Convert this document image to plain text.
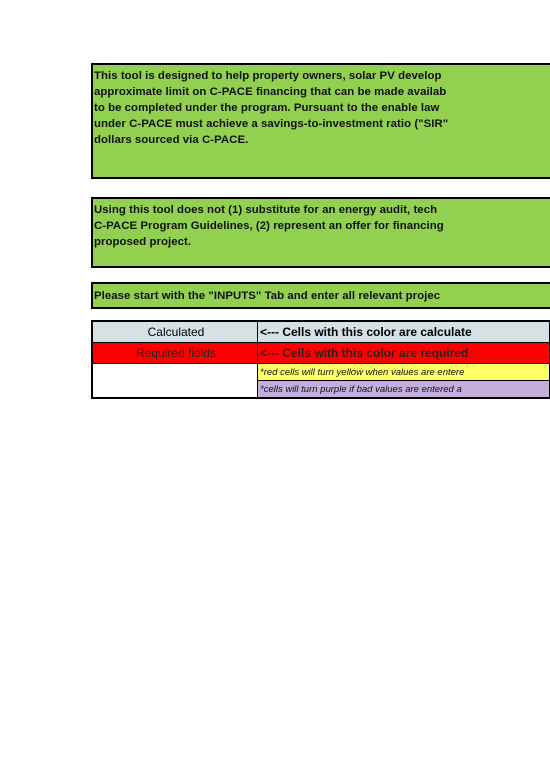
This tool is designed to help property owners, solar PV develop
approximate limit on C-PACE financing that can be made availab
to be completed under the program. Pursuant to the enable law
under C-PACE must achieve a savings-to-investment ratio ("SIR"
dollars sourced via C-PACE.

Using this tool does not (1) substitute for an energy audit, tech
C-PACE Program Guidelines, (2) represent an offer for financing
proposed project.

Please start with the "INPUTS" Tab and enter all relevant projec

Calculated	<--- Cells with this color are calculate
Required fields	<--- Cells with this color are required
	*red cells will turn yellow when values are entere
	*cells will turn purple if bad values are entered a
